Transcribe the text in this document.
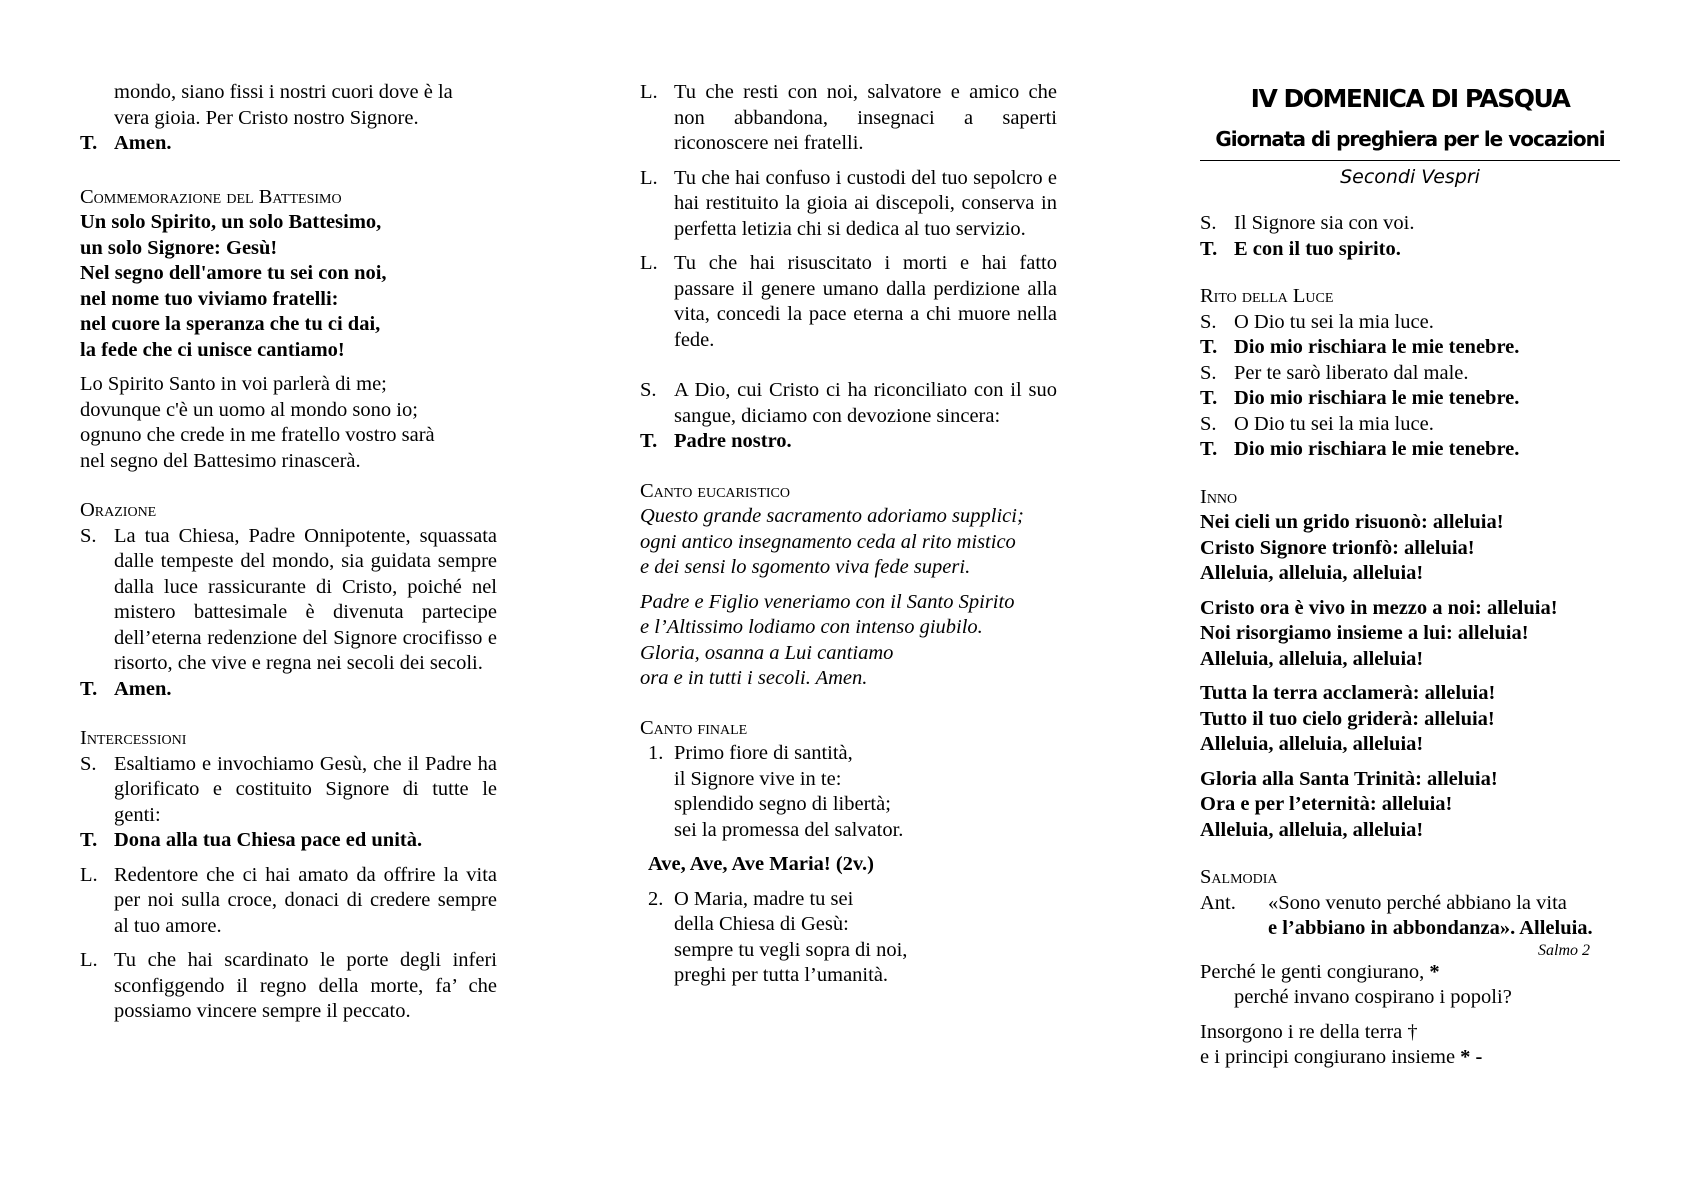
mondo, siano fissi i nostri cuori dove è la
vera gioia. Per Cristo nostro Signore.
T. Amen.
Commemorazione del Battesimo
Un solo Spirito, un solo Battesimo,
un solo Signore: Gesù!
Nel segno dell'amore tu sei con noi,
nel nome tuo viviamo fratelli:
nel cuore la speranza che tu ci dai,
la fede che ci unisce cantiamo!
Lo Spirito Santo in voi parlerà di me;
dovunque c'è un uomo al mondo sono io;
ognuno che crede in me fratello vostro sarà
nel segno del Battesimo rinascerà.
Orazione
S. La tua Chiesa, Padre Onnipotente, squassata dalle tempeste del mondo, sia guidata sempre dalla luce rassicurante di Cristo, poiché nel mistero battesimale è divenuta partecipe dell’eterna redenzione del Signore crocifisso e risorto, che vive e regna nei secoli dei secoli.
T. Amen.
Intercessioni
S. Esaltiamo e invochiamo Gesù, che il Padre ha glorificato e costituito Signore di tutte le genti:
T. Dona alla tua Chiesa pace ed unità.
L. Redentore che ci hai amato da offrire la vita per noi sulla croce, donaci di credere sempre al tuo amore.
L. Tu che hai scardinato le porte degli inferi sconfiggendo il regno della morte, fa’ che possiamo vincere sempre il peccato.
L. Tu che resti con noi, salvatore e amico che non abbandona, insegnaci a saperti riconoscere nei fratelli.
L. Tu che hai confuso i custodi del tuo sepolcro e hai restituito la gioia ai discepoli, conserva in perfetta letizia chi si dedica al tuo servizio.
L. Tu che hai risuscitato i morti e hai fatto passare il genere umano dalla perdizione alla vita, concedi la pace eterna a chi muore nella fede.
S. A Dio, cui Cristo ci ha riconciliato con il suo sangue, diciamo con devozione sincera:
T. Padre nostro.
Canto eucaristico
Questo grande sacramento adoriamo supplici;
ogni antico insegnamento ceda al rito mistico
e dei sensi lo sgomento viva fede superi.
Padre e Figlio veneriamo con il Santo Spirito
e l’Altissimo lodiamo con intenso giubilo.
Gloria, osanna a Lui cantiamo
ora e in tutti i secoli. Amen.
Canto finale
1. Primo fiore di santità,
il Signore vive in te:
splendido segno di libertà;
sei la promessa del salvator.
Ave, Ave, Ave Maria! (2v.)
2. O Maria, madre tu sei
della Chiesa di Gesù:
sempre tu vegli sopra di noi,
preghi per tutta l’umanità.
IV DOMENICA DI PASQUA
Giornata di preghiera per le vocazioni
Secondi Vespri
S. Il Signore sia con voi.
T. E con il tuo spirito.
Rito della Luce
S. O Dio tu sei la mia luce.
T. Dio mio rischiara le mie tenebre.
S. Per te sarò liberato dal male.
T. Dio mio rischiara le mie tenebre.
S. O Dio tu sei la mia luce.
T. Dio mio rischiara le mie tenebre.
Inno
Nei cieli un grido risuonò: alleluia!
Cristo Signore trionfò: alleluia!
Alleluia, alleluia, alleluia!
Cristo ora è vivo in mezzo a noi: alleluia!
Noi risorgiamo insieme a lui: alleluia!
Alleluia, alleluia, alleluia!
Tutta la terra acclamerà: alleluia!
Tutto il tuo cielo griderà: alleluia!
Alleluia, alleluia, alleluia!
Gloria alla Santa Trinità: alleluia!
Ora e per l’eternità: alleluia!
Alleluia, alleluia, alleluia!
Salmodia
Ant.	«Sono venuto perché abbiano la vita
e l’abbiano in abbondanza». Alleluia.
Salmo 2
Perché le genti congiurano, *
perché invano cospirano i popoli?
Insorgono i re della terra †
e i principi congiurano insieme * -
